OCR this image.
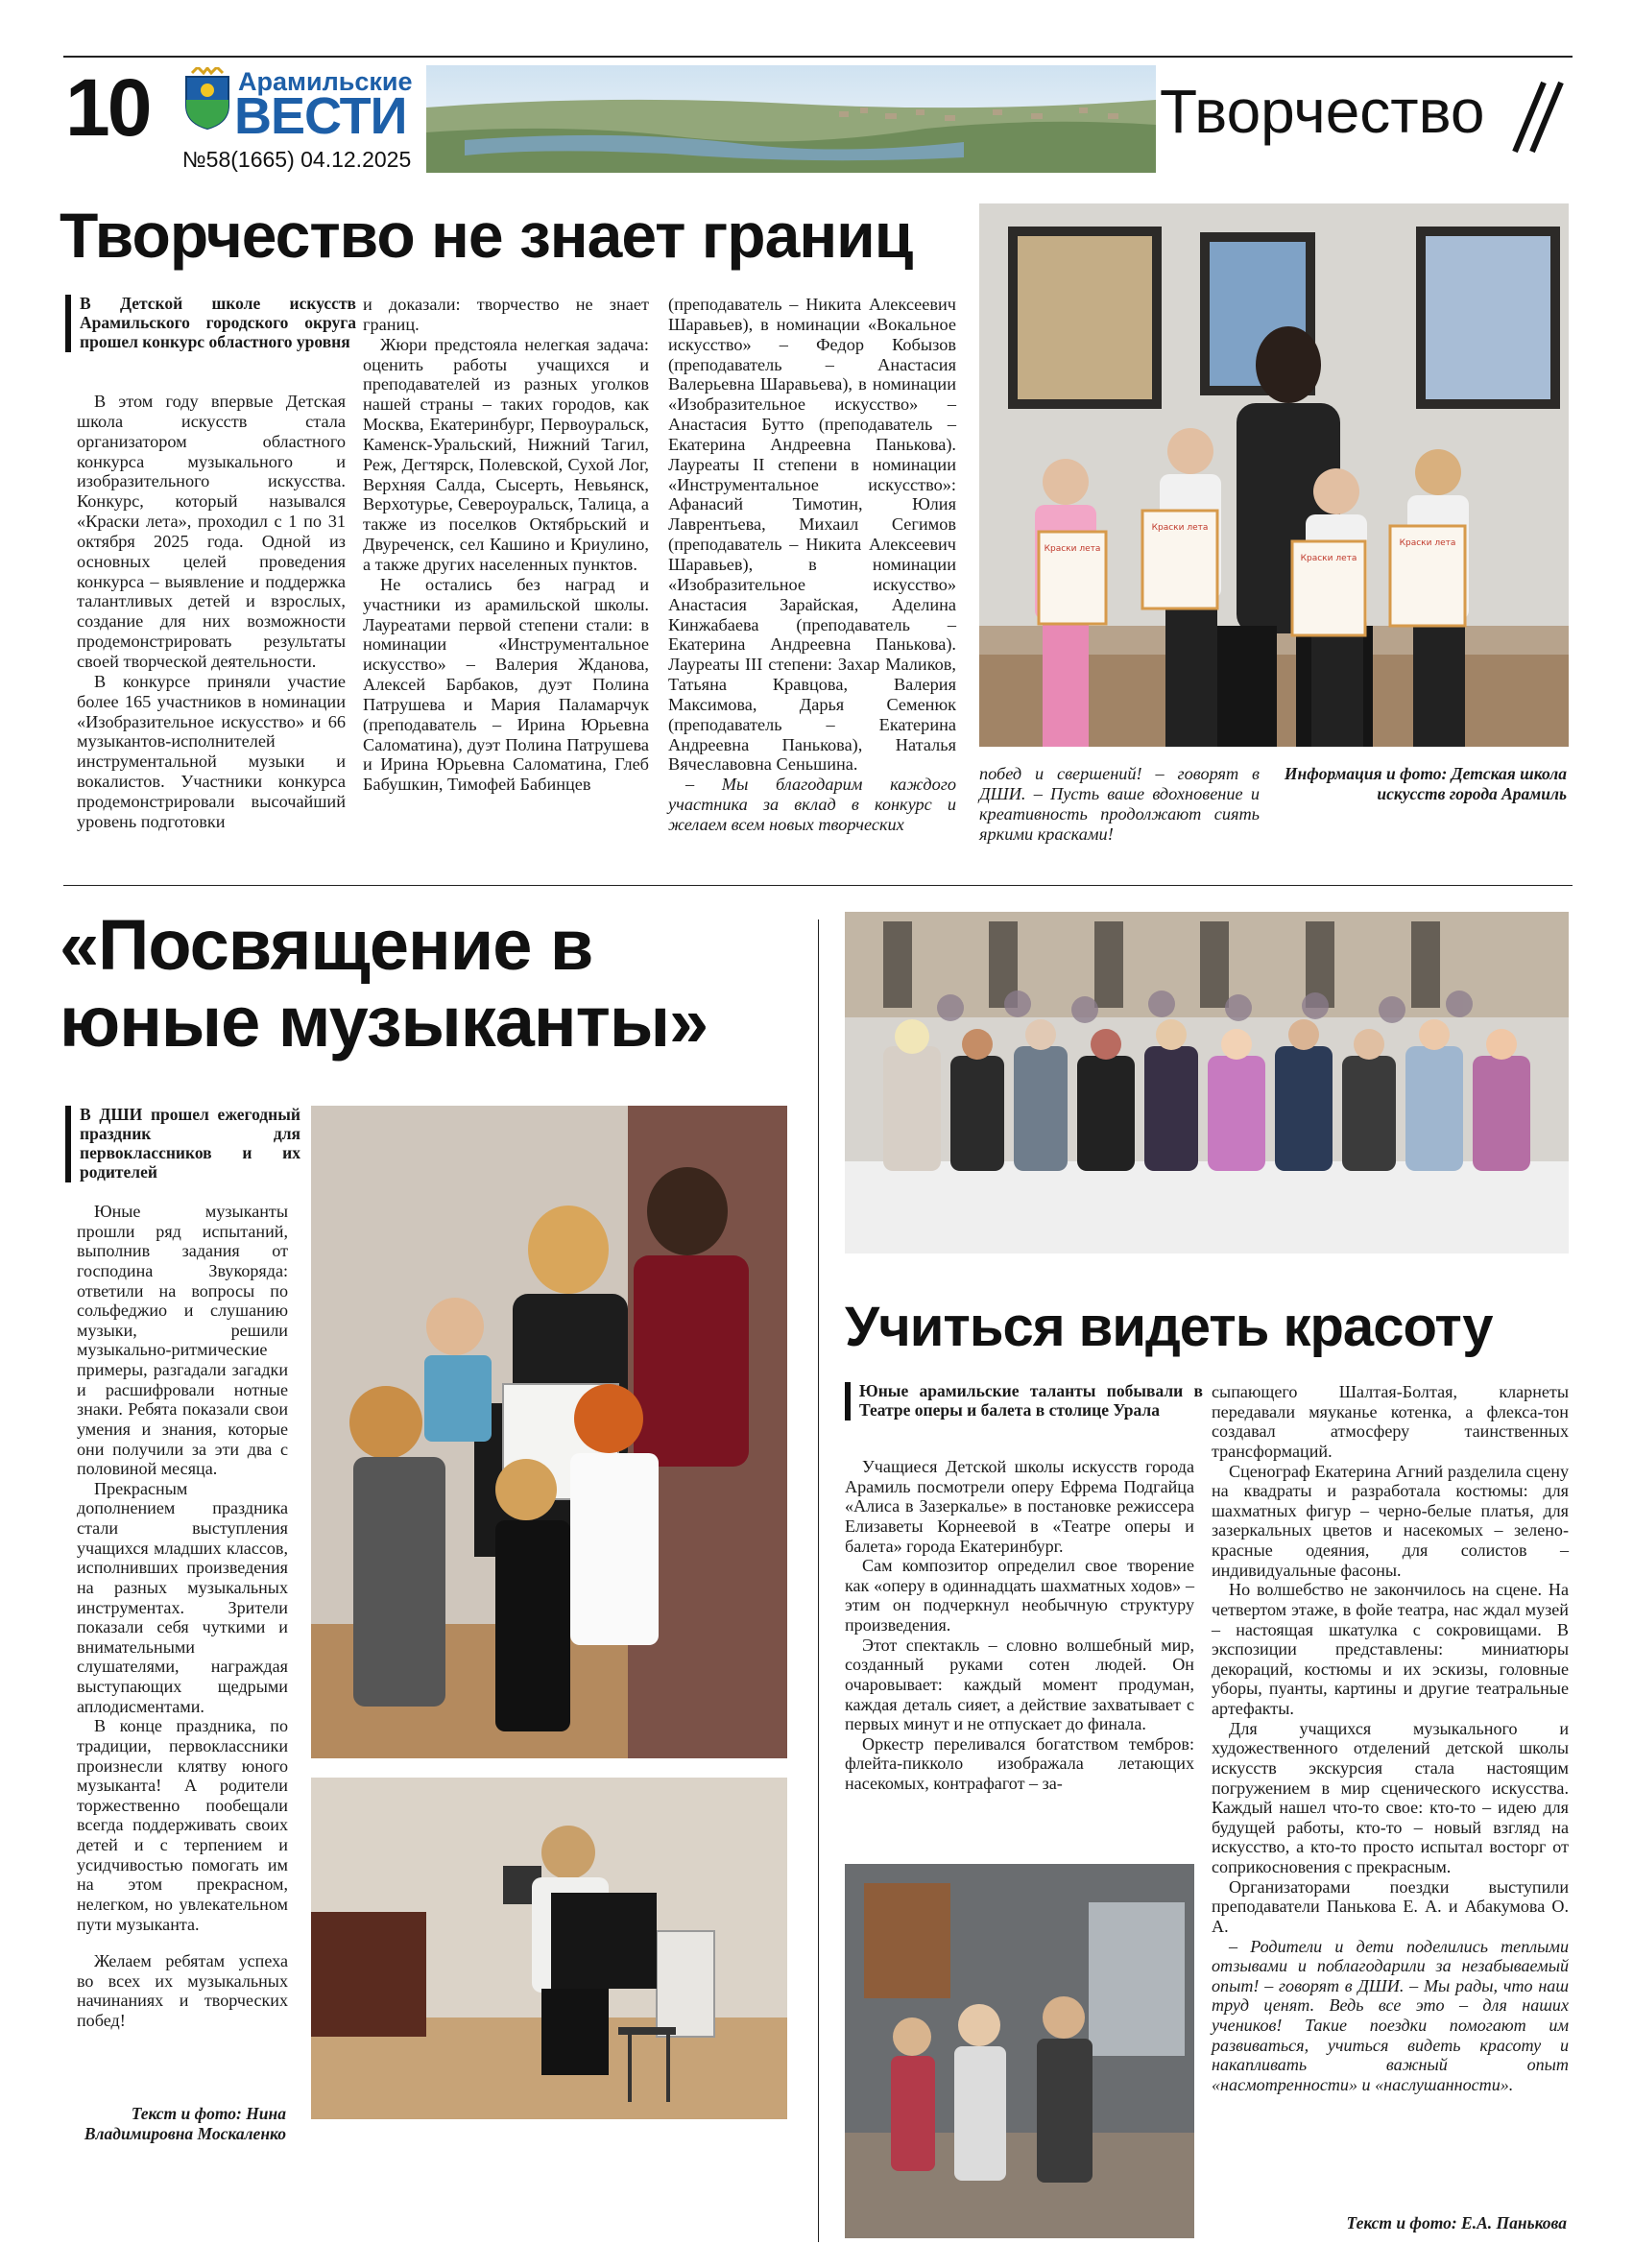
10	Арамильские
ВЕСТИ
№58(1665) 04.12.2025
Творчество
Творчество не знает границ
В Детской школе искусств Арамильского городского округа прошел конкурс областного уровня

В этом году впервые Детская школа искусств стала организатором областного конкурса музыкального и изобразительного искусства. Конкурс, который назывался «Краски лета», проходил с 1 по 31 октября 2025 года. Одной из основных целей проведения конкурса – выявление и поддержка талантливых детей и взрослых, создание для них возможности продемонстрировать результаты своей творческой деятельности.

В конкурсе приняли участие более 165 участников в номинации «Изобразительное искусство» и 66 музыкантов-исполнителей инструментальной музыки и вокалистов. Участники конкурса продемонстрировали высочайший уровень подготовки

и доказали: творчество не знает границ.

Жюри предстояла нелегкая задача: оценить работы учащихся и преподавателей из разных уголков нашей страны – таких городов, как Москва, Екатеринбург, Первоуральск, Каменск-Уральский, Нижний Тагил, Реж, Дегтярск, Полевской, Сухой Лог, Верхняя Салда, Сысерть, Невьянск, Верхотурье, Североуральск, Талица, а также из поселков Октябрьский и Двуреченск, сел Кашино и Криулино, а также других населенных пунктов.

Не остались без наград и участники из арамильской школы. Лауреатами первой степени стали: в номинации «Инструментальное искусство» – Валерия Жданова, Алексей Барбаков, дуэт Полина Патрушева и Мария Паламарчук (преподаватель – Ирина Юрьевна Саломатина), дуэт Полина Патрушева и Ирина Юрьевна Саломатина, Глеб Бабушкин, Тимофей Бабинцев

(преподаватель – Никита Алексеевич Шаравьев), в номинации «Вокальное искусство» – Федор Кобызов (преподаватель – Анастасия Валерьевна Шаравьева), в номинации «Изобразительное искусство» – Анастасия Бутто (преподаватель – Екатерина Андреевна Панькова). Лауреаты II степени в номинации «Инструментальное искусство»: Афанасий Тимотин, Юлия Лаврентьева, Михаил Сегимов (преподаватель – Никита Алексеевич Шаравьев), в номинации «Изобразительное искусство» Анастасия Зарайская, Аделина Кинжабаева (преподаватель – Екатерина Андреевна Панькова). Лауреаты III степени: Захар Маликов, Татьяна Кравцова, Валерия Максимова, Дарья Семенюк (преподаватель – Екатерина Андреевна Панькова), Наталья Вячеславовна Сеньшина.

– Мы благодарим каждого участника за вклад в конкурс и желаем всем новых творческих

Краски лета
Краски лета
Краски лета
Краски лета
побед и свершений! – говорят в ДШИ. – Пусть ваше вдохновение и креативность продолжают сиять яркими красками!
Информация и фото: Детская школа искусств города Арамиль
«Посвящение в юные музыканты»
В ДШИ прошел ежегодный праздник для первоклассников и их родителей

Юные музыканты прошли ряд испытаний, выполнив задания от господина Звукоряда: ответили на вопросы по сольфеджио и слушанию музыки, решили музыкально-ритмические примеры, разгадали загадки и расшифровали нотные знаки. Ребята показали свои умения и знания, которые они получили за эти два с половиной месяца.

Прекрасным дополнением праздника стали выступления учащихся младших классов, исполнивших произведения на разных музыкальных инструментах. Зрители показали себя чуткими и внимательными слушателями, награждая выступающих щедрыми аплодисментами.

В конце праздника, по традиции, первоклассники произнесли клятву юного музыканта! А родители торжественно пообещали всегда поддерживать своих детей и с терпением и усидчивостью помогать им на этом прекрасном, нелегком, но увлекательном пути музыканта.

Желаем ребятам успеха во всех их музыкальных начинаниях и творческих побед!

Текст и фото: Нина Владимировна Москаленко
Учиться видеть красоту
Юные арамильские таланты побывали в Театре оперы и балета в столице Урала

Учащиеся Детской школы искусств города Арамиль посмотрели оперу Ефрема Подгайца «Алиса в Зазеркалье» в постановке режиссера Елизаветы Корнеевой в «Театре оперы и балета» города Екатеринбург.

Сам композитор определил свое творение как «оперу в одиннадцать шахматных ходов» – этим он подчеркнул необычную структуру произведения.

Этот спектакль – словно волшебный мир, созданный руками сотен людей. Он очаровывает: каждый момент продуман, каждая деталь сияет, а действие захватывает с первых минут и не отпускает до финала.

Оркестр переливался богатством тембров: флейта-пикколо изображала летающих насекомых, контрафагот – за-

сыпающего Шалтая-Болтая, кларнеты передавали мяуканье котенка, а флекса-тон создавал атмосферу таинственных трансформаций.

Сценограф Екатерина Агний разделила сцену на квадраты и разработала костюмы: для шахматных фигур – черно-белые платья, для зазеркальных цветов и насекомых – зелено-красные одеяния, для солистов – индивидуальные фасоны.

Но волшебство не закончилось на сцене. На четвертом этаже, в фойе театра, нас ждал музей – настоящая шкатулка с сокровищами. В экспозиции представлены: миниатюры декораций, костюмы и их эскизы, головные уборы, пуанты, картины и другие театральные артефакты.

Для учащихся музыкального и художественного отделений детской школы искусств экскурсия стала настоящим погружением в мир сценического искусства. Каждый нашел что-то свое: кто-то – идею для будущей работы, кто-то – новый взгляд на искусство, а кто-то просто испытал восторг от соприкосновения с прекрасным.

Организаторами поездки выступили преподаватели Панькова Е. А. и Абакумова О. А.

– Родители и дети поделились теплыми отзывами и поблагодарили за незабываемый опыт! – говорят в ДШИ. – Мы рады, что наш труд ценят. Ведь все это – для наших учеников! Такие поездки помогают им развиваться, учиться видеть красоту и накапливать важный опыт «насмотренности» и «наслушанности».

Текст и фото: Е.А. Панькова
